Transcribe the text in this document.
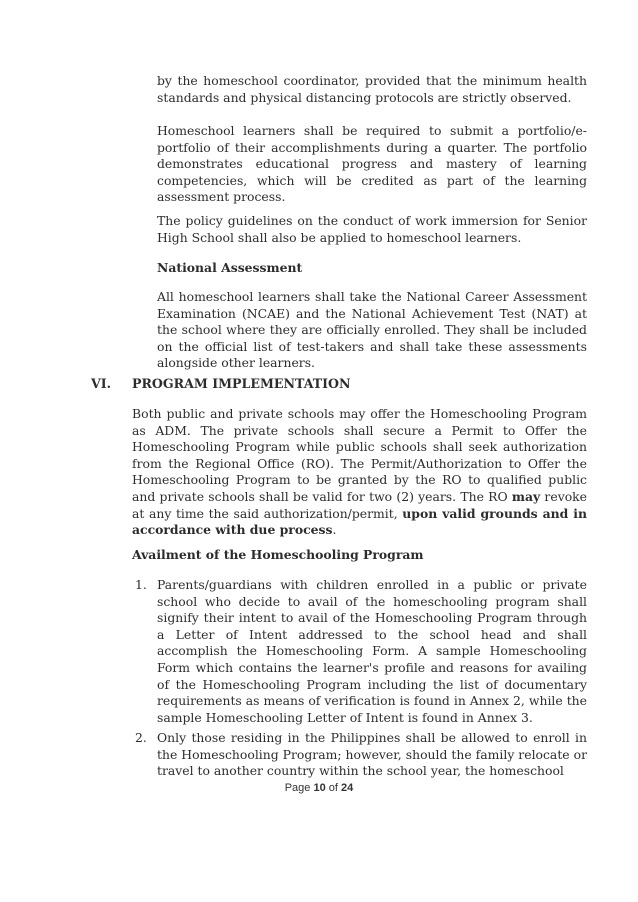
by the homeschool coordinator, provided that the minimum health standards and physical distancing protocols are strictly observed.

Homeschool learners shall be required to submit a portfolio/e-portfolio of their accomplishments during a quarter. The portfolio demonstrates educational progress and mastery of learning competencies, which will be credited as part of the learning assessment process.

The policy guidelines on the conduct of work immersion for Senior High School shall also be applied to homeschool learners.

National Assessment

All homeschool learners shall take the National Career Assessment Examination (NCAE) and the National Achievement Test (NAT) at the school where they are officially enrolled. They shall be included on the official list of test-takers and shall take these assessments alongside other learners.

VI. PROGRAM IMPLEMENTATION

Both public and private schools may offer the Homeschooling Program as ADM. The private schools shall secure a Permit to Offer the Homeschooling Program while public schools shall seek authorization from the Regional Office (RO). The Permit/Authorization to Offer the Homeschooling Program to be granted by the RO to qualified public and private schools shall be valid for two (2) years. The RO may revoke at any time the said authorization/permit, upon valid grounds and in accordance with due process.

Availment of the Homeschooling Program

1. Parents/guardians with children enrolled in a public or private school who decide to avail of the homeschooling program shall signify their intent to avail of the Homeschooling Program through a Letter of Intent addressed to the school head and shall accomplish the Homeschooling Form. A sample Homeschooling Form which contains the learner's profile and reasons for availing of the Homeschooling Program including the list of documentary requirements as means of verification is found in Annex 2, while the sample Homeschooling Letter of Intent is found in Annex 3.

2. Only those residing in the Philippines shall be allowed to enroll in the Homeschooling Program; however, should the family relocate or travel to another country within the school year, the homeschool

Page 10 of 24
